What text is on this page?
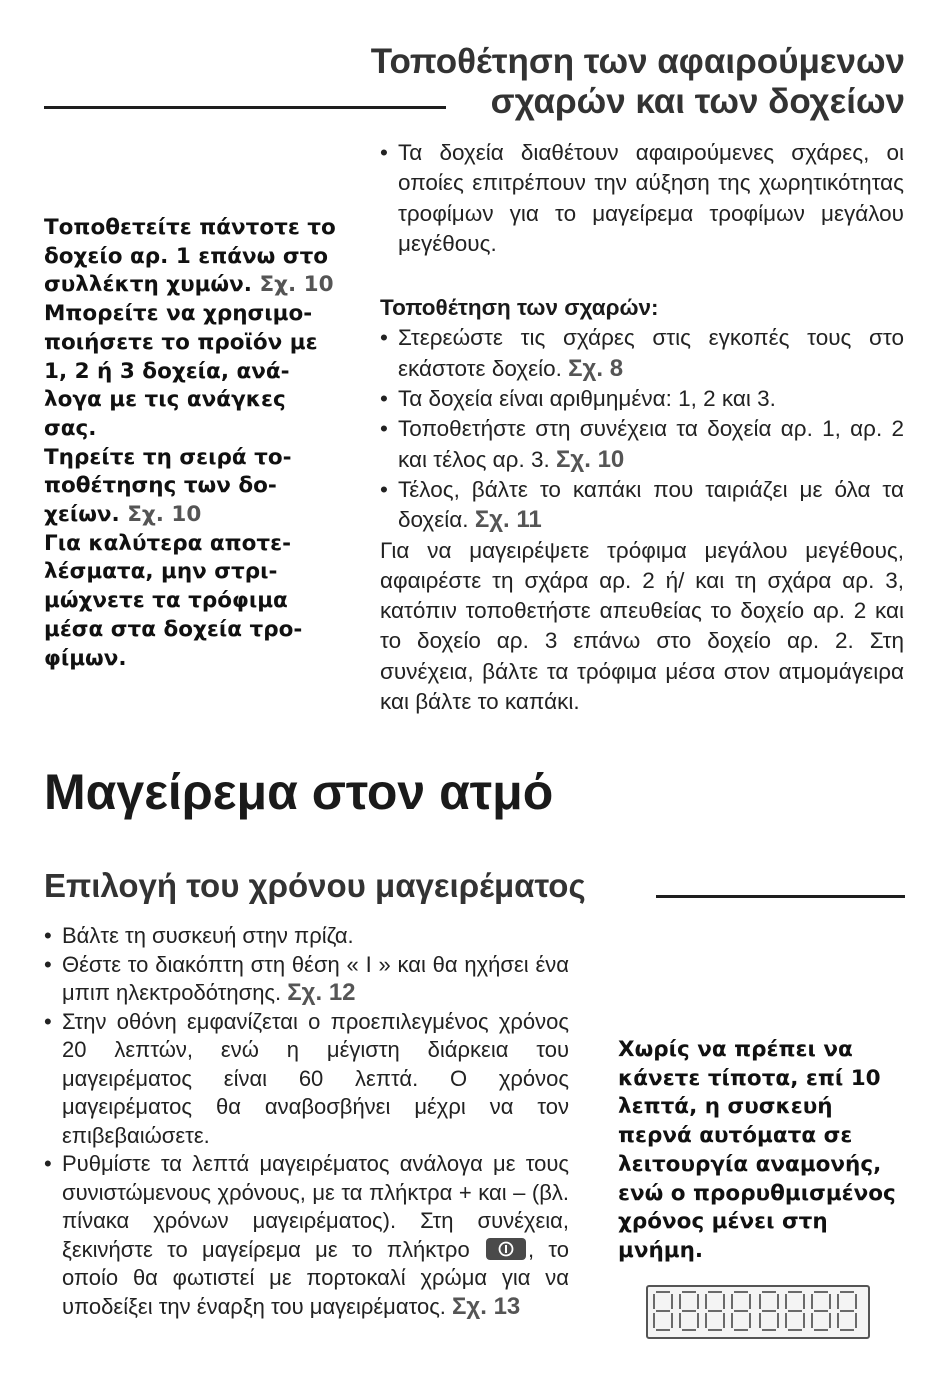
Τοποθέτηση των αφαιρούμενων
σχαρών και των δοχείων

Τοποθετείτε πάντοτε το δοχείο αρ. 1 επάνω στο συλλέκτη χυμών. Σχ. 10

Μπορείτε να χρησιμοποιήσετε το προϊόν με 1, 2 ή 3 δοχεία, ανάλογα με τις ανάγκες σας.

Τηρείτε τη σειρά τοποθέτησης των δοχείων. Σχ. 10

Για καλύτερα αποτελέσματα, μην στριμώχνετε τα τρόφιμα μέσα στα δοχεία τροφίμων.

• Τα δοχεία διαθέτουν αφαιρούμενες σχάρες, οι οποίες επιτρέπουν την αύξηση της χωρητικότητας τροφίμων για το μαγείρεμα τροφίμων μεγάλου μεγέθους.

Τοποθέτηση των σχαρών:

• Στερεώστε τις σχάρες στις εγκοπές τους στο εκάστοτε δοχείο. Σχ. 8
• Τα δοχεία είναι αριθμημένα: 1, 2 και 3.
• Τοποθετήστε στη συνέχεια τα δοχεία αρ. 1, αρ. 2 και τέλος αρ. 3. Σχ. 10
• Τέλος, βάλτε το καπάκι που ταιριάζει με όλα τα δοχεία. Σχ. 11

Για να μαγειρέψετε τρόφιμα μεγάλου μεγέθους, αφαιρέστε τη σχάρα αρ. 2 ή/ και τη σχάρα αρ. 3, κατόπιν τοποθετήστε απευθείας το δοχείο αρ. 2 και το δοχείο αρ. 3 επάνω στο δοχείο αρ. 2. Στη συνέχεια, βάλτε τα τρόφιμα μέσα στον ατμομάγειρα και βάλτε το καπάκι.

Μαγείρεμα στον ατμό
Επιλογή του χρόνου μαγειρέματος
• Βάλτε τη συσκευή στην πρίζα.
• Θέστε το διακόπτη στη θέση « I » και θα ηχήσει ένα μπιπ ηλεκτροδότησης. Σχ. 12
• Στην οθόνη εμφανίζεται ο προεπιλεγμένος χρόνος 20 λεπτών, ενώ η μέγιστη διάρκεια του μαγειρέματος είναι 60 λεπτά. Ο χρόνος μαγειρέματος θα αναβοσβήνει μέχρι να τον επιβεβαιώσετε.
• Ρυθμίστε τα λεπτά μαγειρέματος ανάλογα με τους συνιστώμενους χρόνους, με τα πλήκτρα + και – (βλ. πίνακα χρόνων μαγειρέματος). Στη συνέχεια, ξεκινήστε το μαγείρεμα με το πλήκτρο	, το οποίο θα φωτιστεί με πορτοκαλί χρώμα για να υποδείξει την έναρξη του μαγειρέματος. Σχ. 13

Χωρίς να πρέπει να κάνετε τίποτα, επί 10 λεπτά, η συσκευή περνά αυτόματα σε λειτουργία αναμονής, ενώ ο προρυθμισμένος χρόνος μένει στη μνήμη.
